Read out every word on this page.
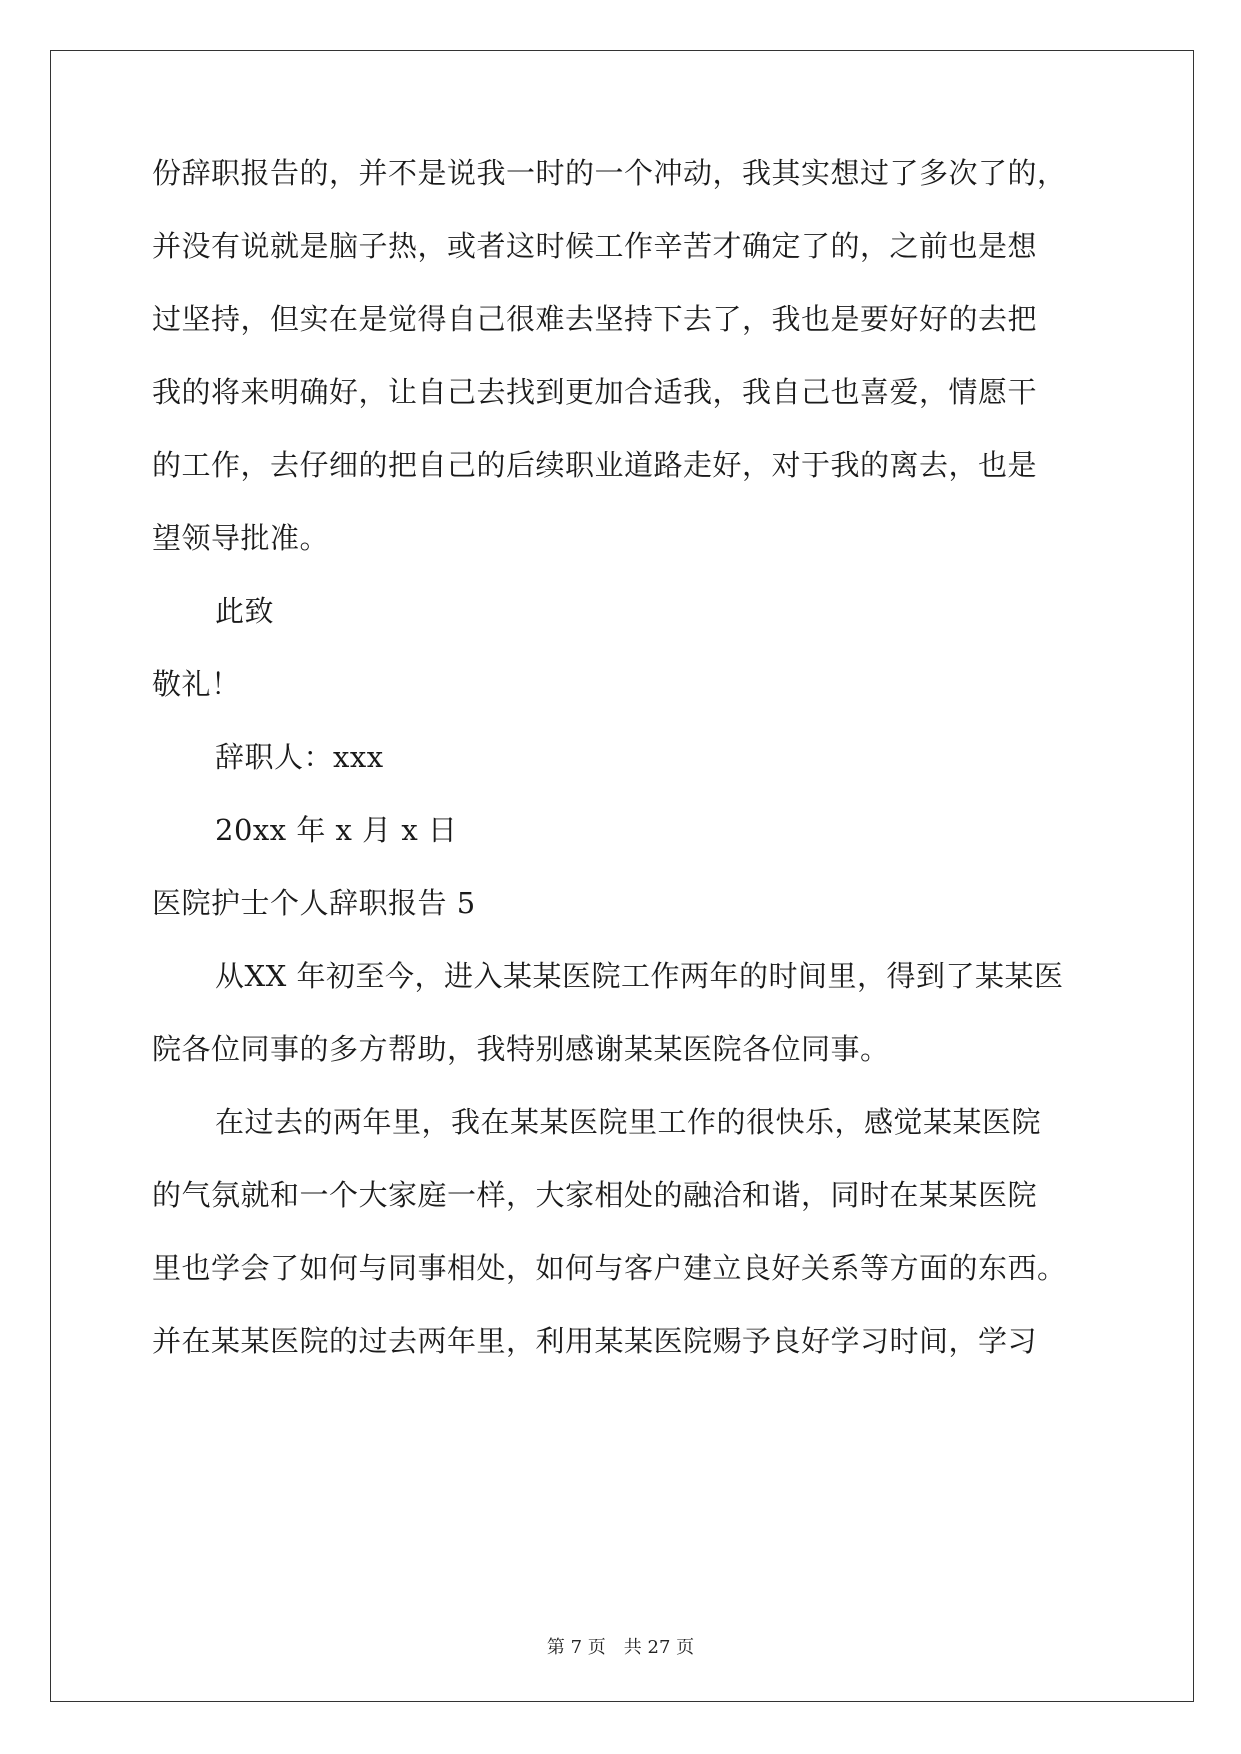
份辞职报告的，并不是说我一时的一个冲动，我其实想过了多次了的，
并没有说就是脑子热，或者这时候工作辛苦才确定了的，之前也是想
过坚持，但实在是觉得自己很难去坚持下去了，我也是要好好的去把
我的将来明确好，让自己去找到更加合适我，我自己也喜爱，情愿干
的工作，去仔细的把自己的后续职业道路走好，对于我的离去，也是
望领导批准。
此致
敬礼！
辞职人：xxx
20xx 年 x 月 x 日
医院护士个人辞职报告 5
从XX 年初至今，进入某某医院工作两年的时间里，得到了某某医
院各位同事的多方帮助，我特别感谢某某医院各位同事。
在过去的两年里，我在某某医院里工作的很快乐，感觉某某医院
的气氛就和一个大家庭一样，大家相处的融洽和谐，同时在某某医院
里也学会了如何与同事相处，如何与客户建立良好关系等方面的东西。
并在某某医院的过去两年里，利用某某医院赐予良好学习时间，学习
第 7 页 共 27 页
